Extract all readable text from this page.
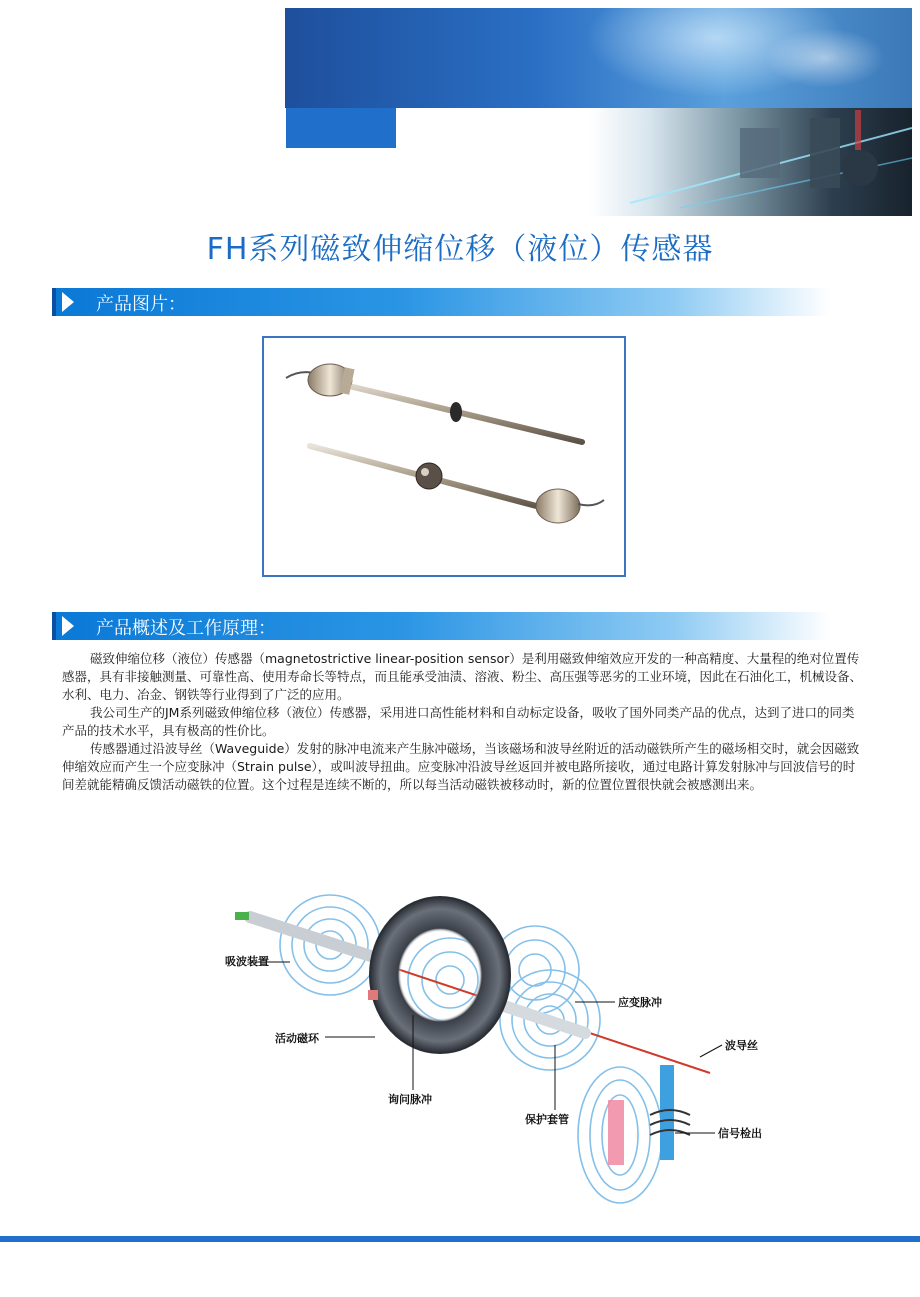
FH系列磁致伸缩位移（液位）传感器
产品图片：
产品概述及工作原理：

磁致伸缩位移（液位）传感器（magnetostrictive linear-position sensor）是利用磁致伸缩效应开发的一种高精度、大量程的绝对位置传感器，具有非接触测量、可靠性高、使用寿命长等特点，而且能承受油渍、溶液、粉尘、高压强等恶劣的工业环境，因此在石油化工，机械设备、水利、电力、冶金、钢铁等行业得到了广泛的应用。

我公司生产的JM系列磁致伸缩位移（液位）传感器，采用进口高性能材料和自动标定设备，吸收了国外同类产品的优点，达到了进口的同类产品的技术水平，具有极高的性价比。

传感器通过沿波导丝（Waveguide）发射的脉冲电流来产生脉冲磁场，当该磁场和波导丝附近的活动磁铁所产生的磁场相交时，就会因磁致伸缩效应而产生一个应变脉冲（Strain pulse），或叫波导扭曲。应变脉冲沿波导丝返回并被电路所接收，通过电路计算发射脉冲与回波信号的时间差就能精确反馈活动磁铁的位置。这个过程是连续不断的，所以每当活动磁铁被移动时，新的位置位置很快就会被感测出来。

吸波装置
应变脉冲
活动磁环
波导丝
询问脉冲
保护套管
信号检出
